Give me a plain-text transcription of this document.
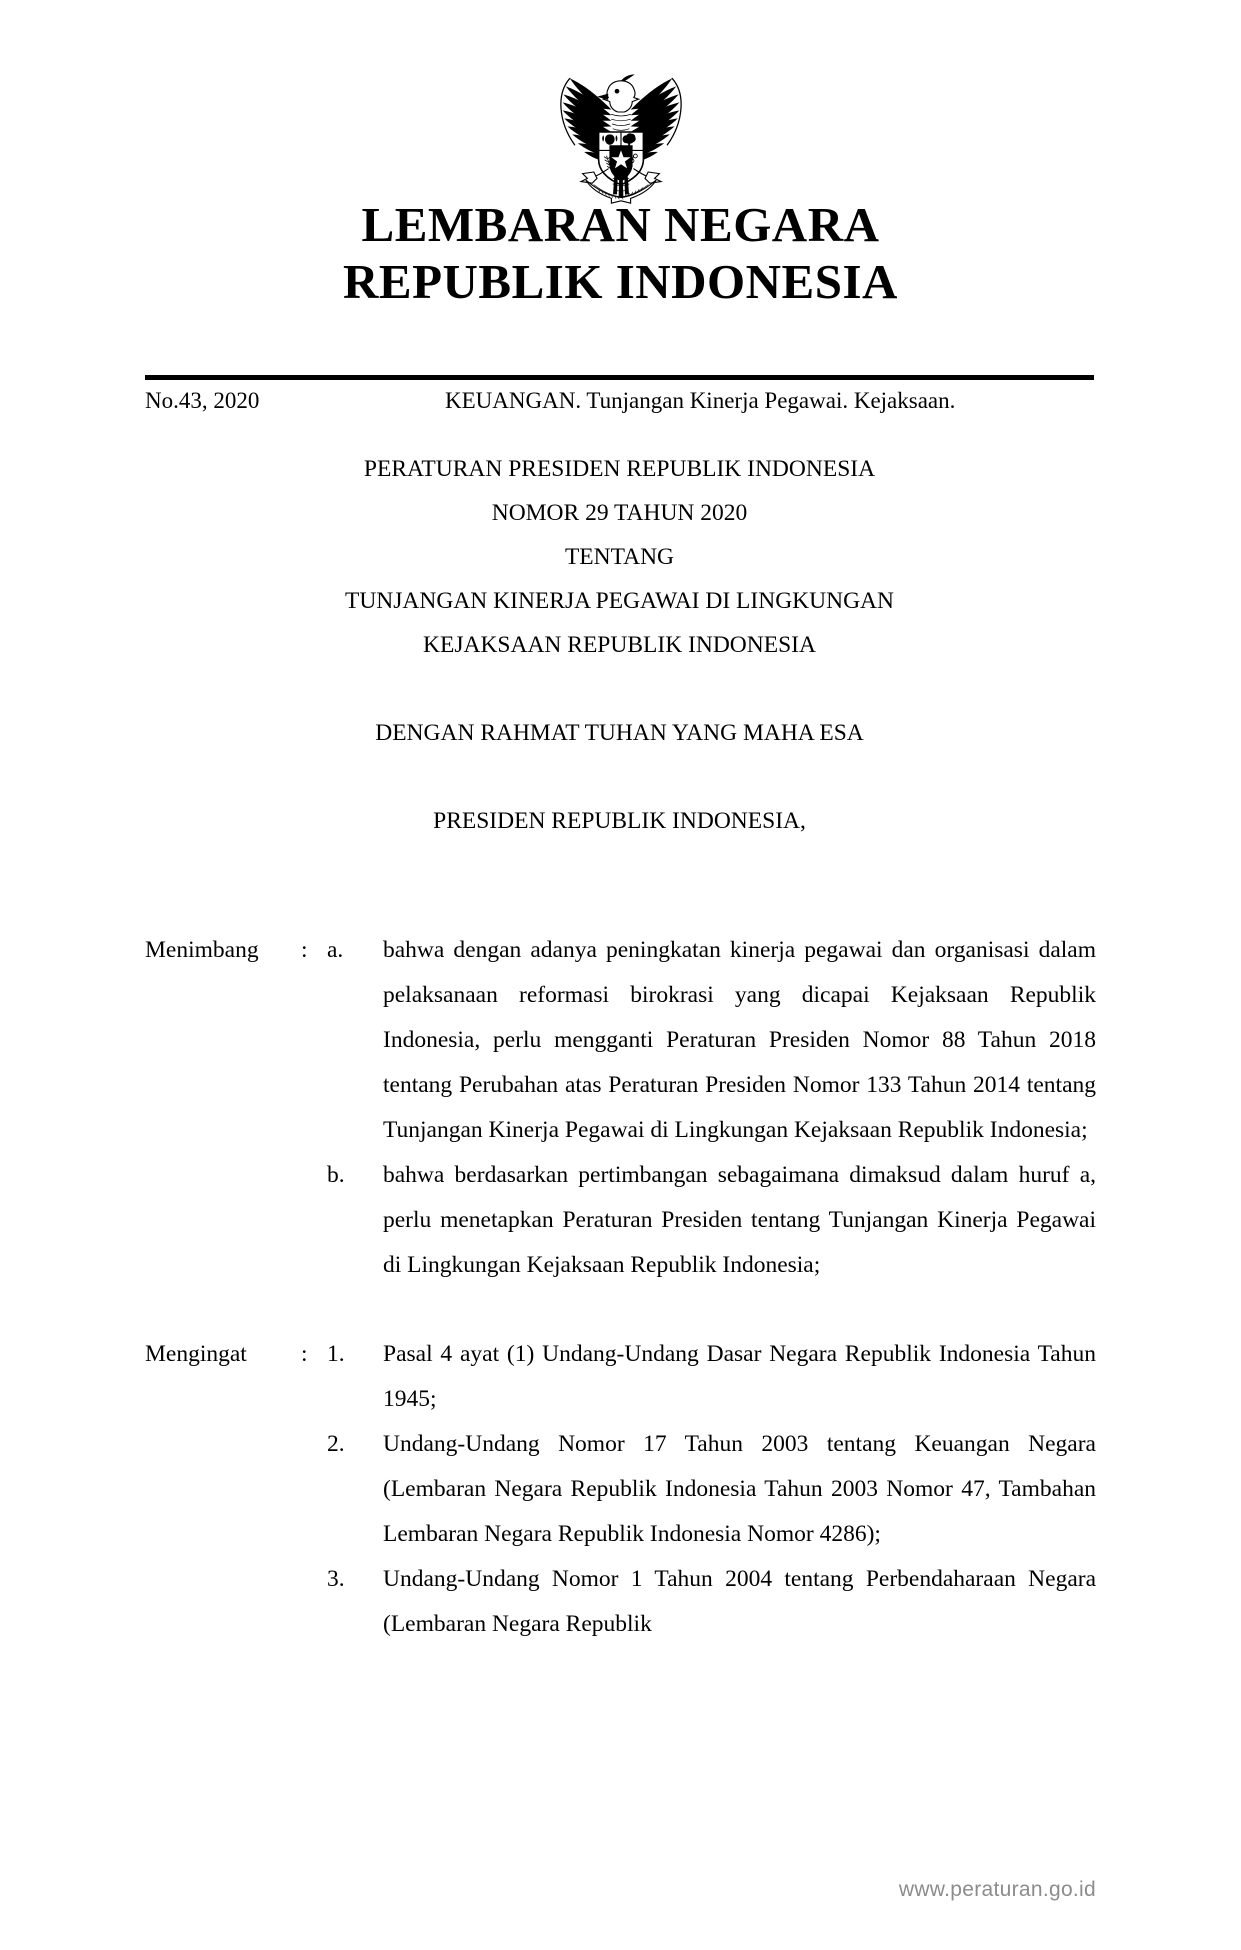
LEMBARAN NEGARA
REPUBLIK INDONESIA
No.43, 2020	KEUANGAN. Tunjangan Kinerja Pegawai. Kejaksaan.
PERATURAN PRESIDEN REPUBLIK INDONESIA
NOMOR 29 TAHUN 2020
TENTANG
TUNJANGAN KINERJA PEGAWAI DI LINGKUNGAN
KEJAKSAAN REPUBLIK INDONESIA
DENGAN RAHMAT TUHAN YANG MAHA ESA
PRESIDEN REPUBLIK INDONESIA,
Menimbang	: a.	bahwa dengan adanya peningkatan kinerja pegawai dan organisasi dalam pelaksanaan reformasi birokrasi yang dicapai Kejaksaan Republik Indonesia, perlu mengganti Peraturan Presiden Nomor 88 Tahun 2018 tentang Perubahan atas Peraturan Presiden Nomor 133 Tahun 2014 tentang Tunjangan Kinerja Pegawai di Lingkungan Kejaksaan Republik Indonesia;
b.	bahwa berdasarkan pertimbangan sebagaimana dimaksud dalam huruf a, perlu menetapkan Peraturan Presiden tentang Tunjangan Kinerja Pegawai di Lingkungan Kejaksaan Republik Indonesia;
Mengingat	: 1.	Pasal 4 ayat (1) Undang-Undang Dasar Negara Republik Indonesia Tahun 1945;
2.	Undang-Undang Nomor 17 Tahun 2003 tentang Keuangan Negara (Lembaran Negara Republik Indonesia Tahun 2003 Nomor 47, Tambahan Lembaran Negara Republik Indonesia Nomor 4286);
3.	Undang-Undang Nomor 1 Tahun 2004 tentang Perbendaharaan Negara (Lembaran Negara Republik
www.peraturan.go.id
